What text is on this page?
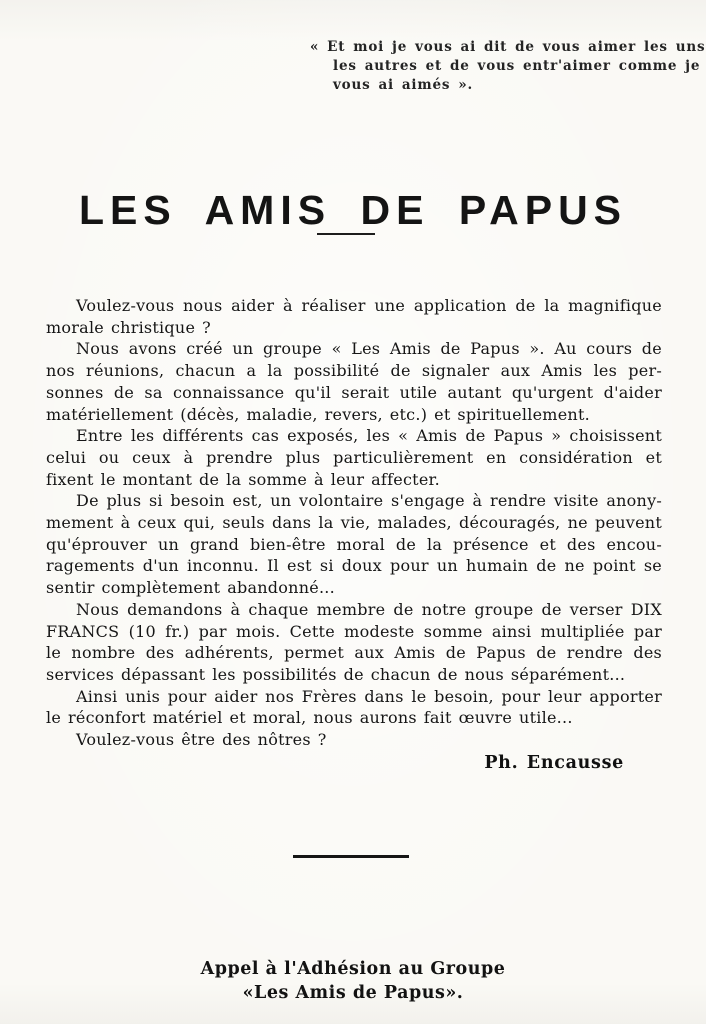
« Et moi je vous ai dit de vous aimer les uns
les autres et de vous entr'aimer comme je
vous ai aimés ».
LES AMIS DE PAPUS

Voulez-vous nous aider à réaliser une application de la magnifique
morale christique ?

Nous avons créé un groupe « Les Amis de Papus ». Au cours de
nos réunions, chacun a la possibilité de signaler aux Amis les per-
sonnes de sa connaissance qu'il serait utile autant qu'urgent d'aider
matériellement (décès, maladie, revers, etc.) et spirituellement.

Entre les différents cas exposés, les « Amis de Papus » choisissent
celui ou ceux à prendre plus particulièrement en considération et
fixent le montant de la somme à leur affecter.

De plus si besoin est, un volontaire s'engage à rendre visite anony-
mement à ceux qui, seuls dans la vie, malades, découragés, ne peuvent
qu'éprouver un grand bien-être moral de la présence et des encou-
ragements d'un inconnu. Il est si doux pour un humain de ne point se
sentir complètement abandonné...

Nous demandons à chaque membre de notre groupe de verser DIX
FRANCS (10 fr.) par mois. Cette modeste somme ainsi multipliée par
le nombre des adhérents, permet aux Amis de Papus de rendre des
services dépassant les possibilités de chacun de nous séparément...

Ainsi unis pour aider nos Frères dans le besoin, pour leur apporter
le réconfort matériel et moral, nous aurons fait œuvre utile...

Voulez-vous être des nôtres ?

Ph. Encausse
Appel à l'Adhésion au Groupe
«Les Amis de Papus».
